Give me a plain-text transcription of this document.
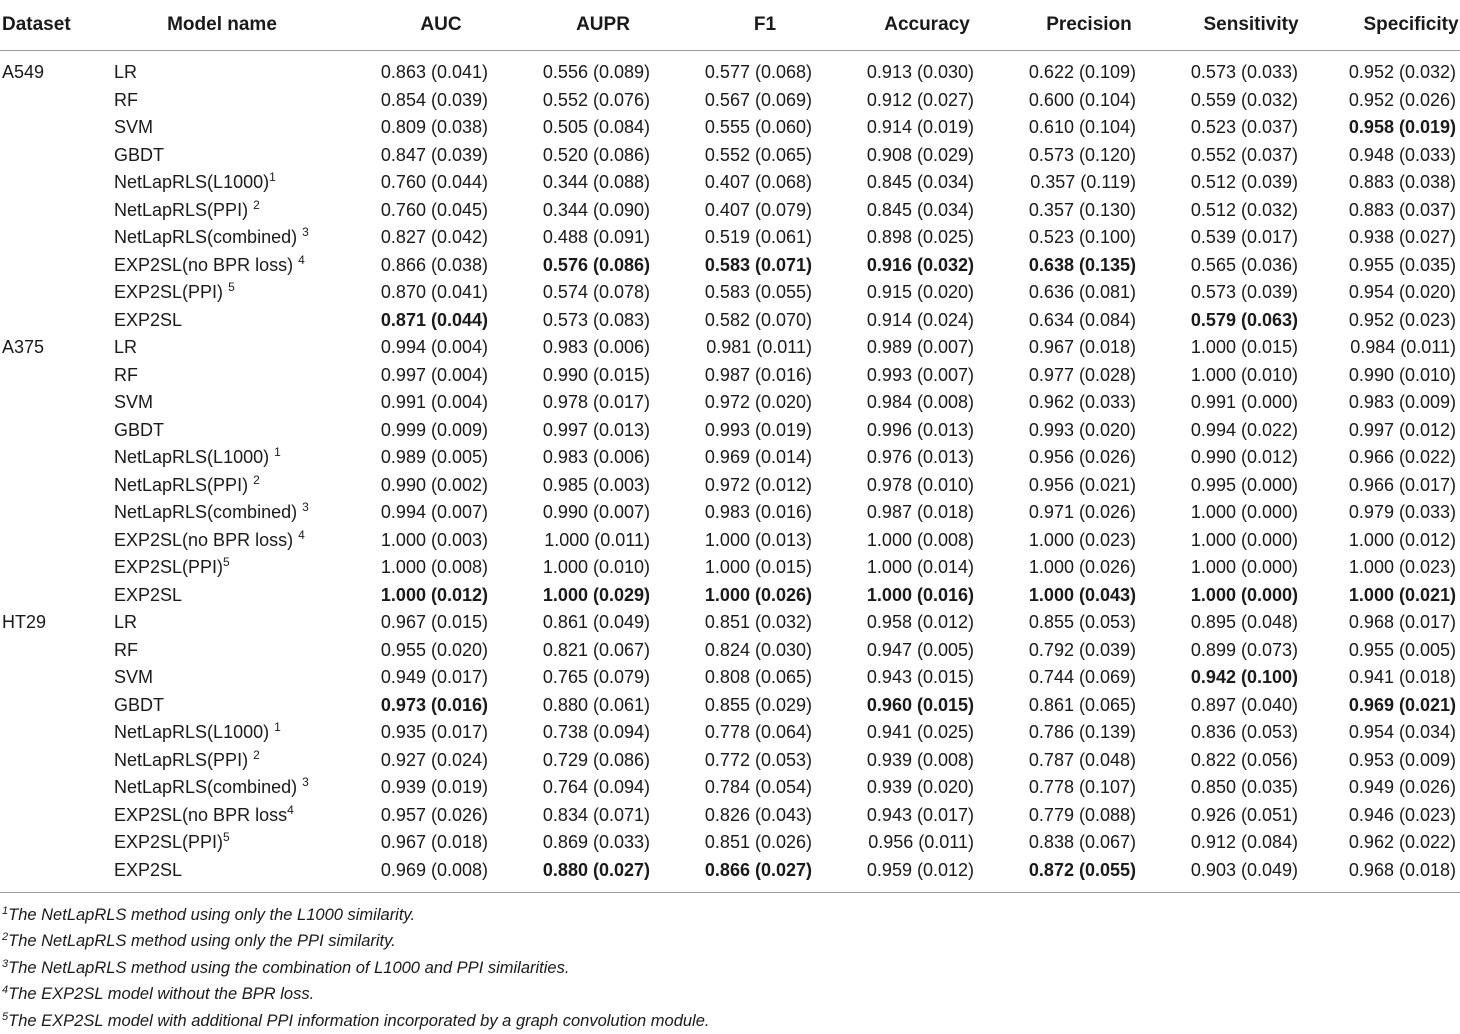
Dataset	Model name	AUC	AUPR	F1	Accuracy	Precision	Sensitivity	Specificity
A549	LR	0.863 (0.041)	0.556 (0.089)	0.577 (0.068)	0.913 (0.030)	0.622 (0.109)	0.573 (0.033)	0.952 (0.032)
	RF	0.854 (0.039)	0.552 (0.076)	0.567 (0.069)	0.912 (0.027)	0.600 (0.104)	0.559 (0.032)	0.952 (0.026)
	SVM	0.809 (0.038)	0.505 (0.084)	0.555 (0.060)	0.914 (0.019)	0.610 (0.104)	0.523 (0.037)	0.958 (0.019)
	GBDT	0.847 (0.039)	0.520 (0.086)	0.552 (0.065)	0.908 (0.029)	0.573 (0.120)	0.552 (0.037)	0.948 (0.033)
	$NetLapRLS(L1000)^1$	0.760 (0.044)	0.344 (0.088)	0.407 (0.068)	0.845 (0.034)	0.357 (0.119)	0.512 (0.039)	0.883 (0.038)
	NetLapRLS(PPI) $^2$	0.760 (0.045)	0.344 (0.090)	0.407 (0.079)	0.845 (0.034)	0.357 (0.130)	0.512 (0.032)	0.883 (0.037)
	NetLapRLS(combined) $^3$	0.827 (0.042)	0.488 (0.091)	0.519 (0.061)	0.898 (0.025)	0.523 (0.100)	0.539 (0.017)	0.938 (0.027)
	EXP2SL(no BPR loss) $^4$	0.866 (0.038)	0.576 (0.086)	0.583 (0.071)	0.916 (0.032)	0.638 (0.135)	0.565 (0.036)	0.955 (0.035)
	EXP2SL(PPI) $^5$	0.870 (0.041)	0.574 (0.078)	0.583 (0.055)	0.915 (0.020)	0.636 (0.081)	0.573 (0.039)	0.954 (0.020)
	EXP2SL	0.871 (0.044)	0.573 (0.083)	0.582 (0.070)	0.914 (0.024)	0.634 (0.084)	0.579 (0.063)	0.952 (0.023)
A375	LR	0.994 (0.004)	0.983 (0.006)	0.981 (0.011)	0.989 (0.007)	0.967 (0.018)	1.000 (0.015)	0.984 (0.011)
	RF	0.997 (0.004)	0.990 (0.015)	0.987 (0.016)	0.993 (0.007)	0.977 (0.028)	1.000 (0.010)	0.990 (0.010)
	SVM	0.991 (0.004)	0.978 (0.017)	0.972 (0.020)	0.984 (0.008)	0.962 (0.033)	0.991 (0.000)	0.983 (0.009)
	GBDT	0.999 (0.009)	0.997 (0.013)	0.993 (0.019)	0.996 (0.013)	0.993 (0.020)	0.994 (0.022)	0.997 (0.012)
	NetLapRLS(L1000) $^1$	0.989 (0.005)	0.983 (0.006)	0.969 (0.014)	0.976 (0.013)	0.956 (0.026)	0.990 (0.012)	0.966 (0.022)
	NetLapRLS(PPI) $^2$	0.990 (0.002)	0.985 (0.003)	0.972 (0.012)	0.978 (0.010)	0.956 (0.021)	0.995 (0.000)	0.966 (0.017)
	NetLapRLS(combined) $^3$	0.994 (0.007)	0.990 (0.007)	0.983 (0.016)	0.987 (0.018)	0.971 (0.026)	1.000 (0.000)	0.979 (0.033)
	EXP2SL(no BPR loss) $^4$	1.000 (0.003)	1.000 (0.011)	1.000 (0.013)	1.000 (0.008)	1.000 (0.023)	1.000 (0.000)	1.000 (0.012)
	EXP2SL(PPI)$^5$	1.000 (0.008)	1.000 (0.010)	1.000 (0.015)	1.000 (0.014)	1.000 (0.026)	1.000 (0.000)	1.000 (0.023)
	EXP2SL	1.000 (0.012)	1.000 (0.029)	1.000 (0.026)	1.000 (0.016)	1.000 (0.043)	1.000 (0.000)	1.000 (0.021)
HT29	LR	0.967 (0.015)	0.861 (0.049)	0.851 (0.032)	0.958 (0.012)	0.855 (0.053)	0.895 (0.048)	0.968 (0.017)
	RF	0.955 (0.020)	0.821 (0.067)	0.824 (0.030)	0.947 (0.005)	0.792 (0.039)	0.899 (0.073)	0.955 (0.005)
	SVM	0.949 (0.017)	0.765 (0.079)	0.808 (0.065)	0.943 (0.015)	0.744 (0.069)	0.942 (0.100)	0.941 (0.018)
	GBDT	0.973 (0.016)	0.880 (0.061)	0.855 (0.029)	0.960 (0.015)	0.861 (0.065)	0.897 (0.040)	0.969 (0.021)
	NetLapRLS(L1000) $^1$	0.935 (0.017)	0.738 (0.094)	0.778 (0.064)	0.941 (0.025)	0.786 (0.139)	0.836 (0.053)	0.954 (0.034)
	NetLapRLS(PPI) $^2$	0.927 (0.024)	0.729 (0.086)	0.772 (0.053)	0.939 (0.008)	0.787 (0.048)	0.822 (0.056)	0.953 (0.009)
	NetLapRLS(combined) $^3$	0.939 (0.019)	0.764 (0.094)	0.784 (0.054)	0.939 (0.020)	0.778 (0.107)	0.850 (0.035)	0.949 (0.026)
	EXP2SL(no BPR loss$^4$	0.957 (0.026)	0.834 (0.071)	0.826 (0.043)	0.943 (0.017)	0.779 (0.088)	0.926 (0.051)	0.946 (0.023)
	EXP2SL(PPI)$^5$	0.967 (0.018)	0.869 (0.033)	0.851 (0.026)	0.956 (0.011)	0.838 (0.067)	0.912 (0.084)	0.962 (0.022)
	EXP2SL	0.969 (0.008)	0.880 (0.027)	0.866 (0.027)	0.959 (0.012)	0.872 (0.055)	0.903 (0.049)	0.968 (0.018)
$^1$The NetLapRLS method using only the L1000 similarity.
$^2$The NetLapRLS method using only the PPI similarity.
$^3$The NetLapRLS method using the combination of L1000 and PPI similarities.
$^4$The EXP2SL model without the BPR loss.
$^5$The EXP2SL model with additional PPI information incorporated by a graph convolution module.
